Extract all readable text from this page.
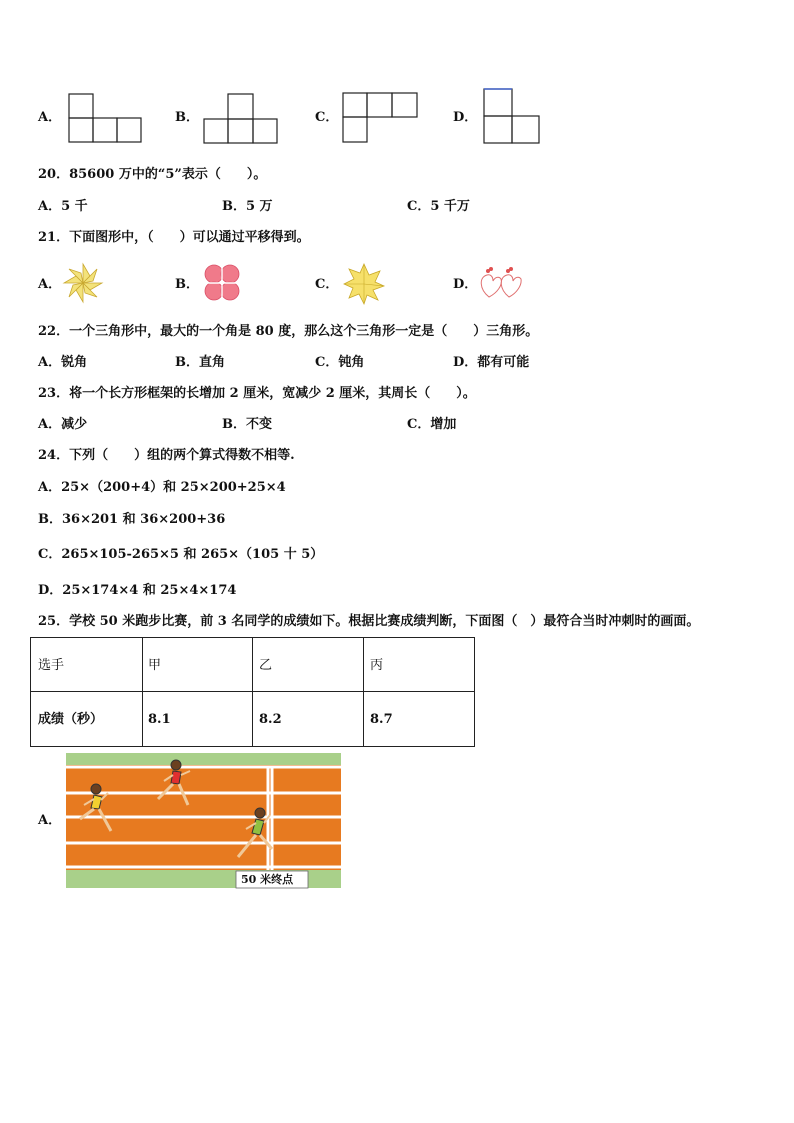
A．	B．	C．	D．
20．85600 万中的“5”表示（　　）。
A．5 千	B．5 万	C．5 千万
21．下面图形中，（　　）可以通过平移得到。
A．	B．	C．	D．
22．一个三角形中，最大的一个角是 80 度，那么这个三角形一定是（　　）三角形。
A．锐角	B．直角	C．钝角	D．都有可能
23．将一个长方形框架的长增加 2 厘米，宽减少 2 厘米，其周长（　　）。
A．减少	B．不变	C．增加
24．下列（　　）组的两个算式得数不相等.
A．25×（200+4）和 25×200+25×4
B．36×201 和 36×200+36
C．265×105-265×5 和 265×（105 十 5）
D．25×174×4 和 25×4×174
25．学校 50 米跑步比赛，前 3 名同学的成绩如下。根据比赛成绩判断，下面图（　）最符合当时冲刺时的画面。
选手	甲	乙	丙
成绩（秒）	8.1	8.2	8.7
A．
50 米终点
